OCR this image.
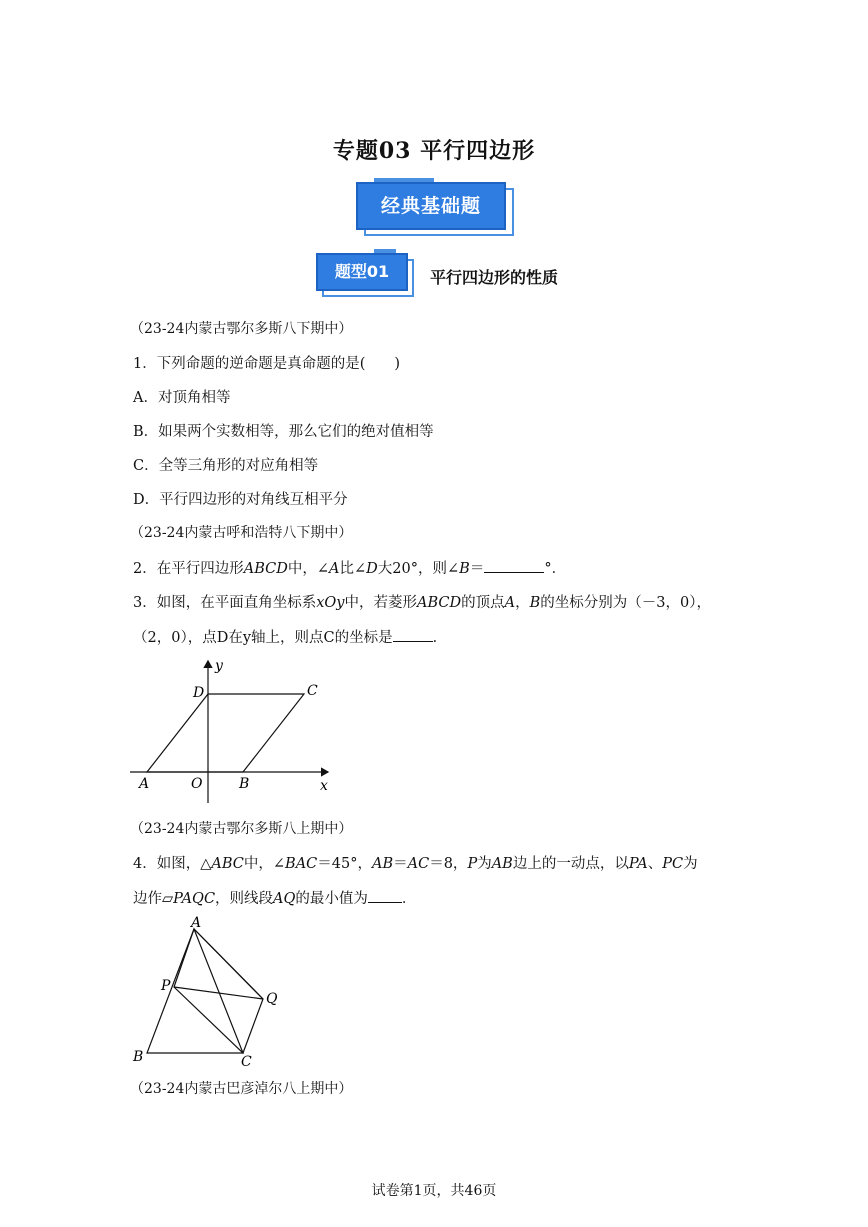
专题03 平行四边形
经典基础题
题型01	平行四边形的性质
（23-24内蒙古鄂尔多斯八下期中）
1．下列命题的逆命题是真命题的是(　　)
A．对顶角相等
B．如果两个实数相等，那么它们的绝对值相等
C．全等三角形的对应角相等
D．平行四边形的对角线互相平分
（23-24内蒙古呼和浩特八下期中）
2．在平行四边形ABCD中，∠A比∠D大20°，则∠B＝	°．
3．如图，在平面直角坐标系xOy中，若菱形ABCD的顶点A，B的坐标分别为（－3，0），
（2，0），点D在y轴上，则点C的坐标是	．
y
x
D	C
A	O	B
（23-24内蒙古鄂尔多斯八上期中）
4．如图，△ABC中，∠BAC＝45°，AB＝AC＝8，P为AB边上的一动点，以PA、PC为
边作▱PAQC，则线段AQ的最小值为 ．
A
P
Q
B	C
（23-24内蒙古巴彦淖尔八上期中）
试卷第1页，共46页
